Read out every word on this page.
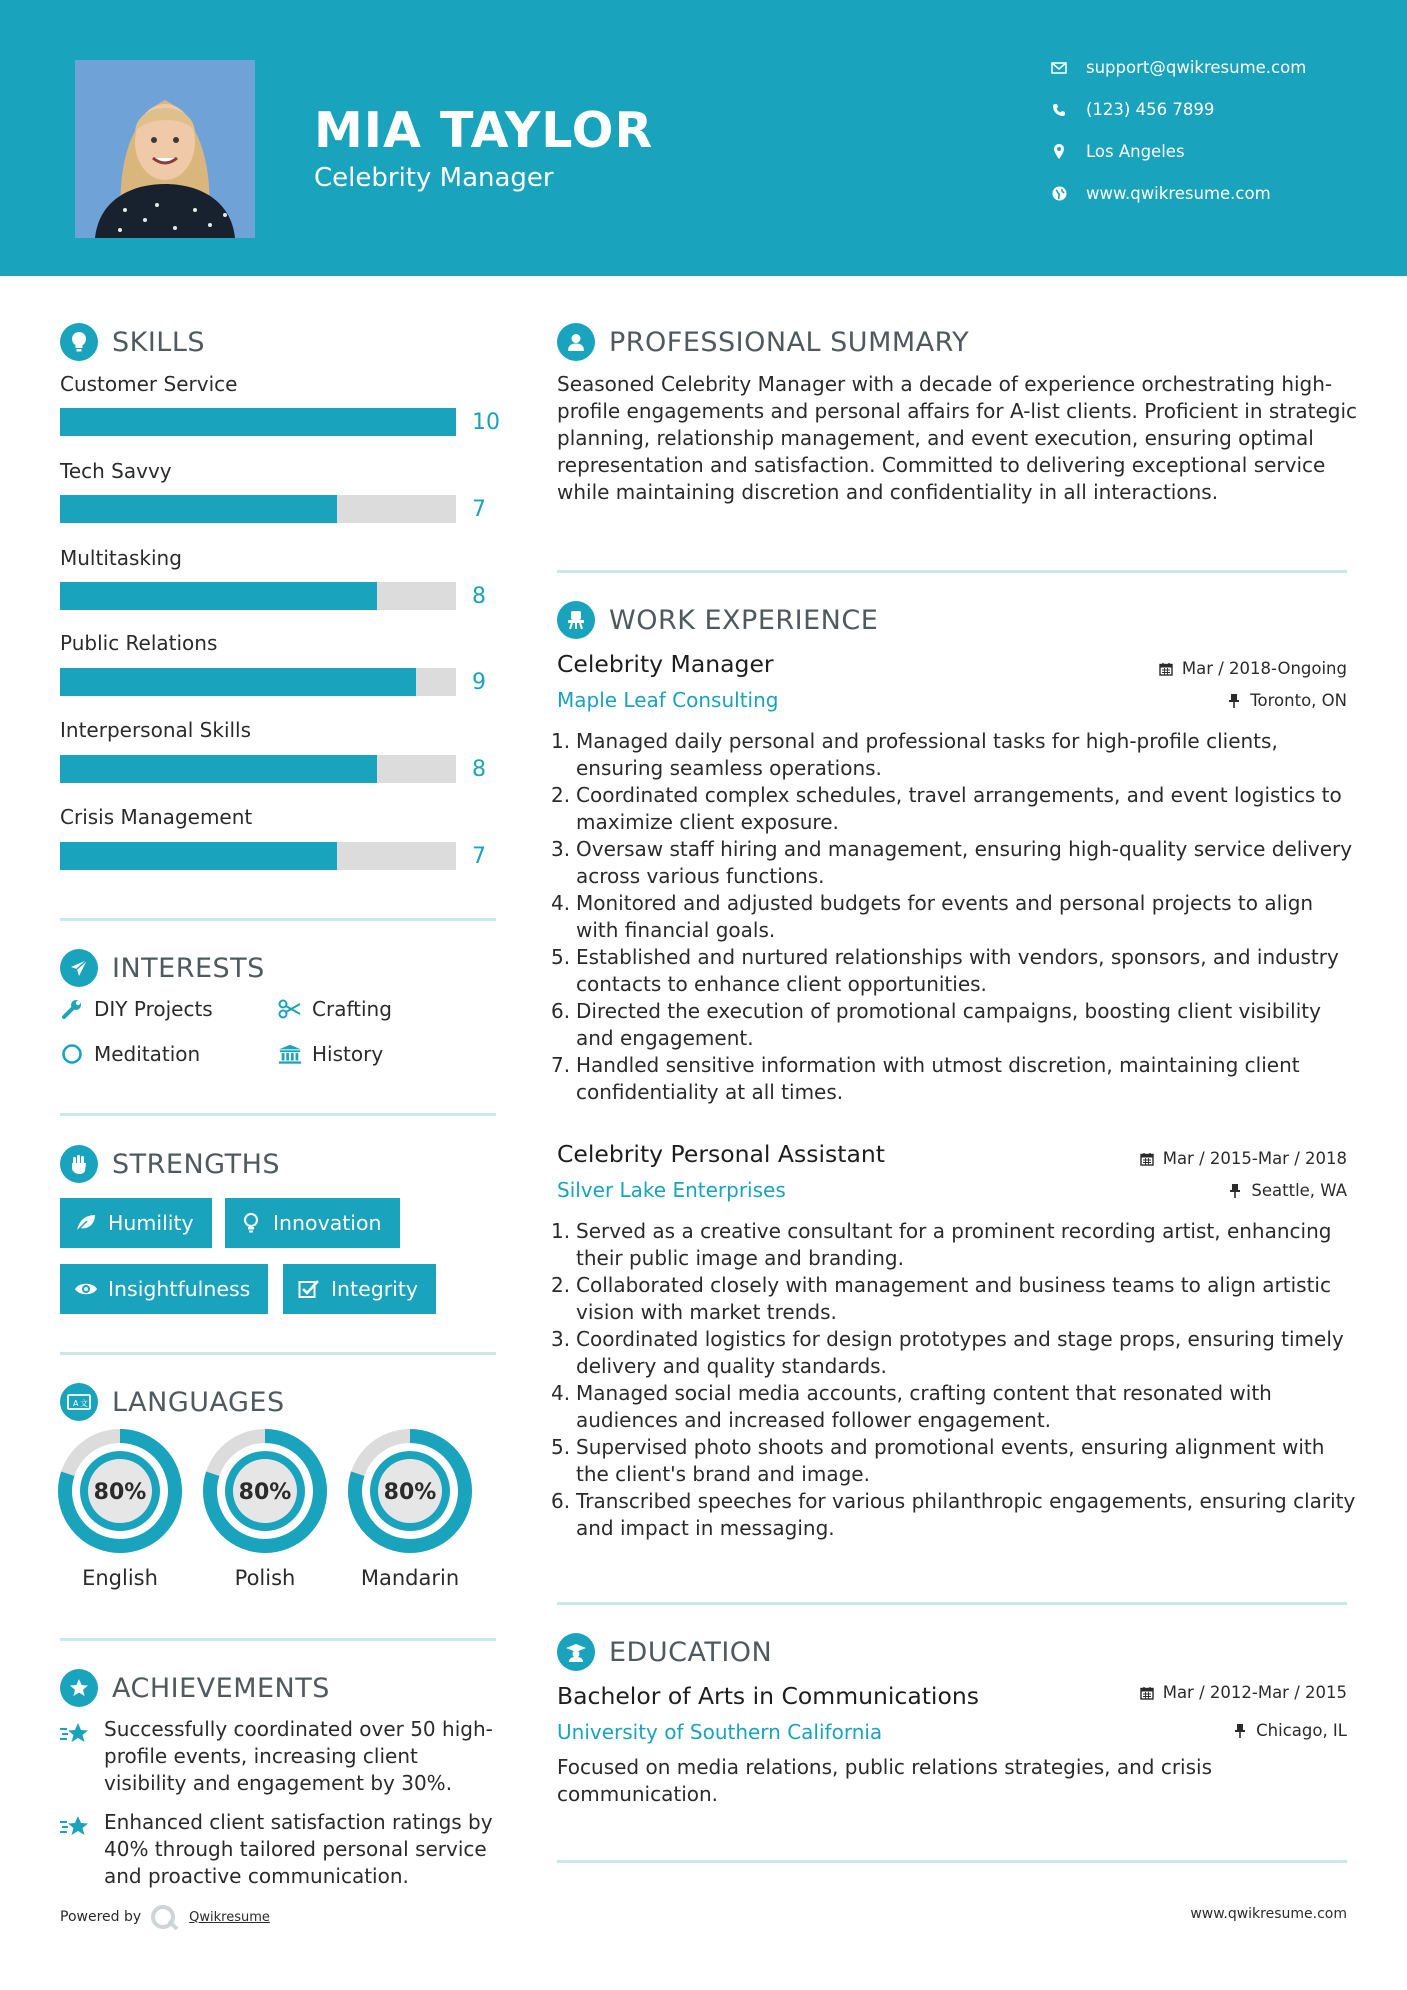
MIA TAYLOR
Celebrity Manager
support@qwikresume.com
(123) 456 7899
Los Angeles
www.qwikresume.com
SKILLS
Customer Service
10
Tech Savvy
7
Multitasking
8
Public Relations
9
Interpersonal Skills
8
Crisis Management
7
INTERESTS
DIY Projects	Crafting
Meditation	History
STRENGTHS
Humility	Innovation
Insightfulness	Integrity
A 文 LANGUAGES
80%
English
80%
Polish
80%
Mandarin
ACHIEVEMENTS
Successfully coordinated over 50 high-profile events, increasing client visibility and engagement by 30%.
Enhanced client satisfaction ratings by 40% through tailored personal service and proactive communication.
PROFESSIONAL SUMMARY
Seasoned Celebrity Manager with a decade of experience orchestrating high-profile engagements and personal affairs for A-list clients. Proficient in strategic planning, relationship management, and event execution, ensuring optimal representation and satisfaction. Committed to delivering exceptional service while maintaining discretion and confidentiality in all interactions.
WORK EXPERIENCE
Celebrity Manager	Mar / 2018-Ongoing
Maple Leaf Consulting	Toronto, ON
1. Managed daily personal and professional tasks for high-profile clients, ensuring seamless operations.
2. Coordinated complex schedules, travel arrangements, and event logistics to maximize client exposure.
3. Oversaw staff hiring and management, ensuring high-quality service delivery across various functions.
4. Monitored and adjusted budgets for events and personal projects to align with financial goals.
5. Established and nurtured relationships with vendors, sponsors, and industry contacts to enhance client opportunities.
6. Directed the execution of promotional campaigns, boosting client visibility and engagement.
7. Handled sensitive information with utmost discretion, maintaining client confidentiality at all times.
Celebrity Personal Assistant	Mar / 2015-Mar / 2018
Silver Lake Enterprises	Seattle, WA
1. Served as a creative consultant for a prominent recording artist, enhancing their public image and branding.
2. Collaborated closely with management and business teams to align artistic vision with market trends.
3. Coordinated logistics for design prototypes and stage props, ensuring timely delivery and quality standards.
4. Managed social media accounts, crafting content that resonated with audiences and increased follower engagement.
5. Supervised photo shoots and promotional events, ensuring alignment with the client's brand and image.
6. Transcribed speeches for various philanthropic engagements, ensuring clarity and impact in messaging.
EDUCATION
Bachelor of Arts in Communications	Mar / 2012-Mar / 2015
University of Southern California	Chicago, IL
Focused on media relations, public relations strategies, and crisis communication.
Powered by	Qwikresume	www.qwikresume.com
